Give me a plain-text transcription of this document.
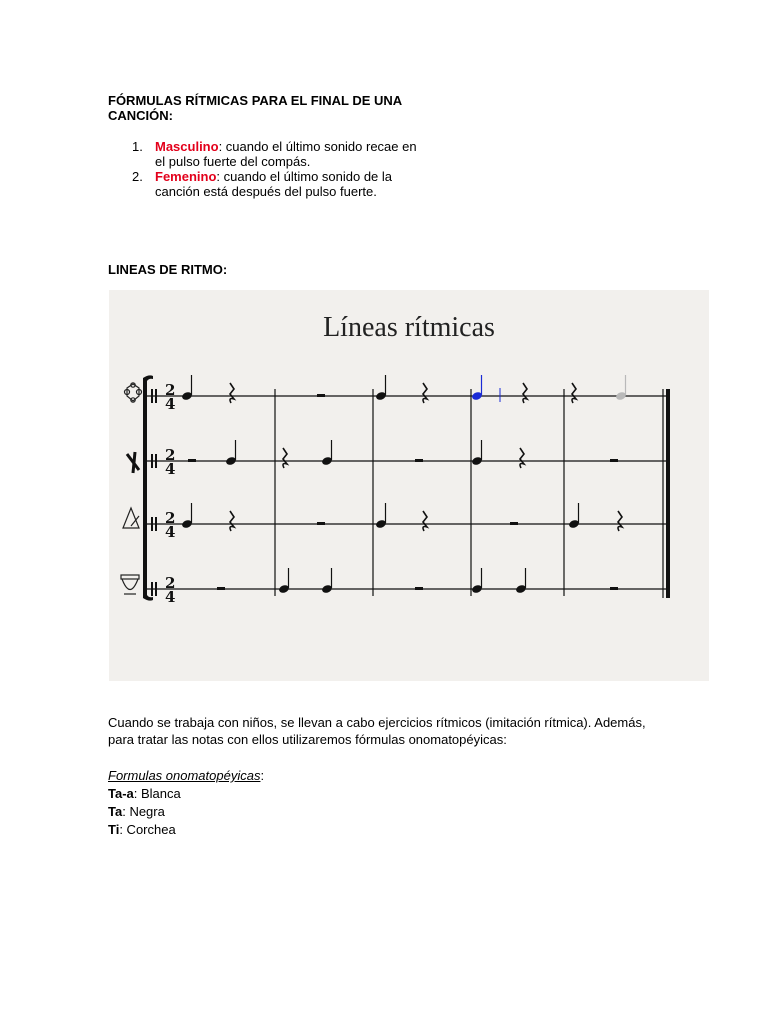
FÓRMULAS RÍTMICAS PARA EL FINAL DE UNA
CANCIÓN:
1. Masculino: cuando el último sonido recae en
el pulso fuerte del compás.
2. Femenino: cuando el último sonido de la
canción está después del pulso fuerte.
LINEAS DE RITMO:
Líneas rítmicas
2
4
2
4
2
4
2
4
Cuando se trabaja con niños, se llevan a cabo ejercicios rítmicos (imitación rítmica). Además,
para tratar las notas con ellos utilizaremos fórmulas onomatopéyicas:
Formulas onomatopéyicas:
Ta-a: Blanca
Ta: Negra
Ti: Corchea
